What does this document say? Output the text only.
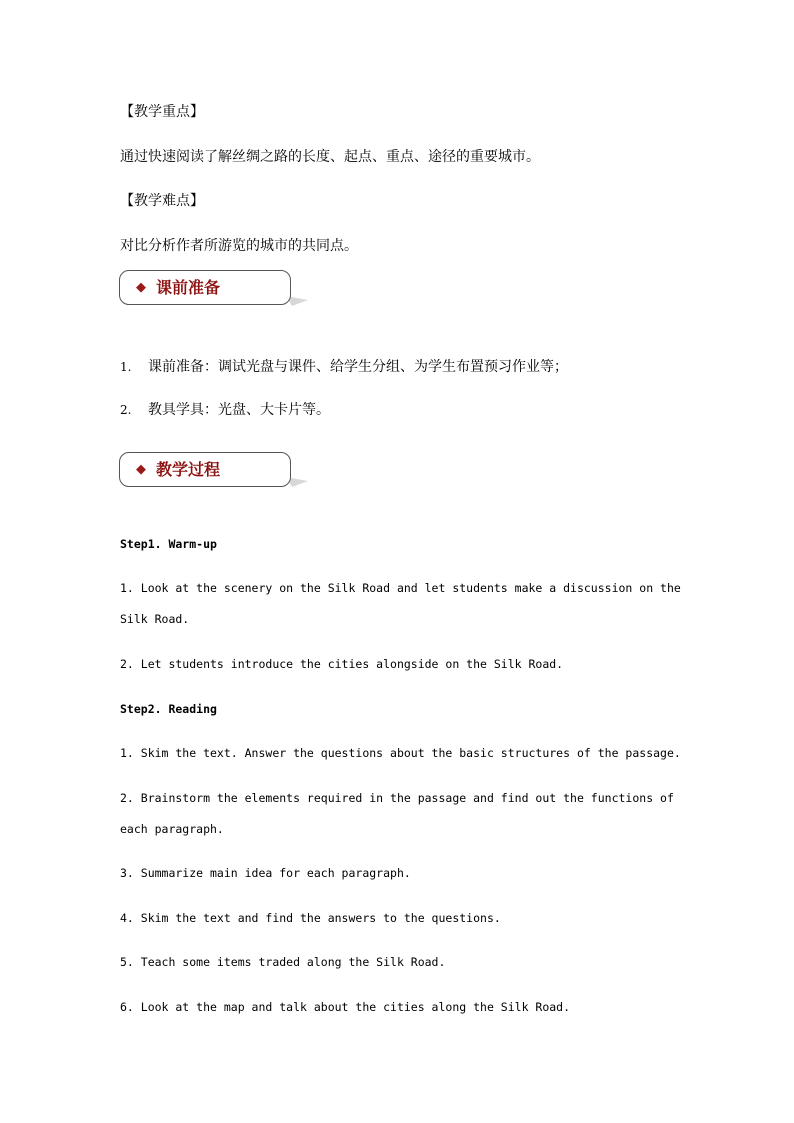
【教学重点】
通过快速阅读了解丝绸之路的长度、起点、重点、途径的重要城市。
【教学难点】
对比分析作者所游览的城市的共同点。
◆ 课前准备
1. 课前准备：调试光盘与课件、给学生分组、为学生布置预习作业等；
2. 教具学具：光盘、大卡片等。
◆ 教学过程
Step1. Warm-up
1. Look at the scenery on the Silk Road and let students make a discussion on the
Silk Road.
2. Let students introduce the cities alongside on the Silk Road.
Step2. Reading
1. Skim the text. Answer the questions about the basic structures of the passage.
2. Brainstorm the elements required in the passage and find out the functions of
each paragraph.
3. Summarize main idea for each paragraph.
4. Skim the text and find the answers to the questions.
5. Teach some items traded along the Silk Road.
6. Look at the map and talk about the cities along the Silk Road.
